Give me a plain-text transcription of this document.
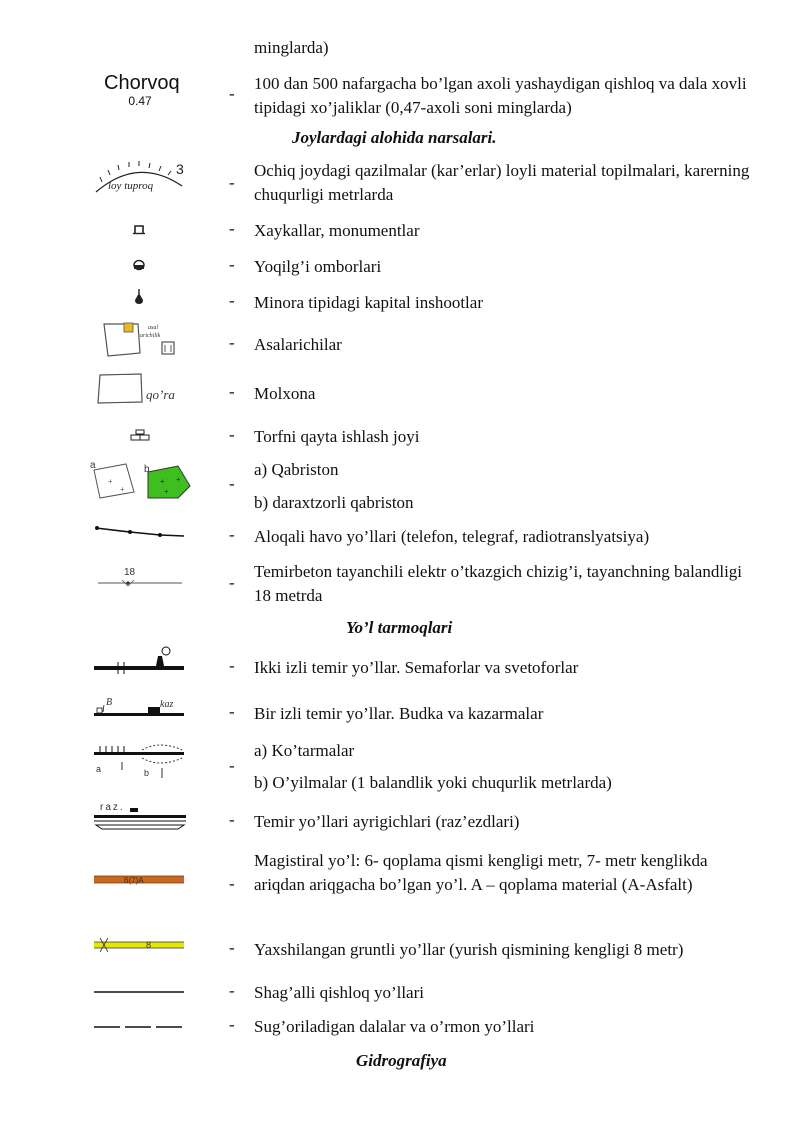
minglarda)
100 dan 500 nafargacha bo’lgan axoli yashaydigan qishloq va dala xovli tipidagi xo’jaliklar (0,47-axoli soni minglarda)
-
Joylardagi alohida narsalari.
Ochiq joydagi qazilmalar (kar’erlar) loyli material topilmalari, karerning chuqurligi metrlarda
-
Xaykallar, monumentlar
-
Yoqilg’i omborlari
-
Minora tipidagi kapital inshootlar
-
Asalarichilar
-
Molxona
-
Torfni qayta ishlash joyi
-
a) Qabriston
b) daraxtzorli qabriston
-
Aloqali havo yo’llari (telefon, telegraf, radiotranslyatsiya)
-
Temirbeton tayanchili elektr o’tkazgich chizig’i, tayanchning balandligi 18 metrda
-
Yo’l tarmoqlari
Ikki izli temir yo’llar. Semaforlar va svetoforlar
-
Bir izli temir yo’llar. Budka va kazarmalar
-
a) Ko’tarmalar
b) O’yilmalar (1 balandlik yoki chuqurlik metrlarda)
-
Temir yo’llari ayrigichlari (raz’ezdlari)
-
Magistiral yo’l: 6- qoplama qismi kengligi metr, 7- metr kenglikda ariqdan ariqgacha bo’lgan yo’l. A – qoplama material (A-Asfalt)
-
Yaxshilangan gruntli yo’llar (yurish qismining kengligi 8 metr)
-
Shag’alli qishloq yo’llari
-
Sug’oriladigan dalalar va o’rmon yo’llari
-
Gidrografiya
Chorvoq
0.47
loy tuproq
3
asal
arichilik
qo’ra
a
+
+
b
+ +
+
18
B	kaz
a	b
raz.
6(7)A
8
